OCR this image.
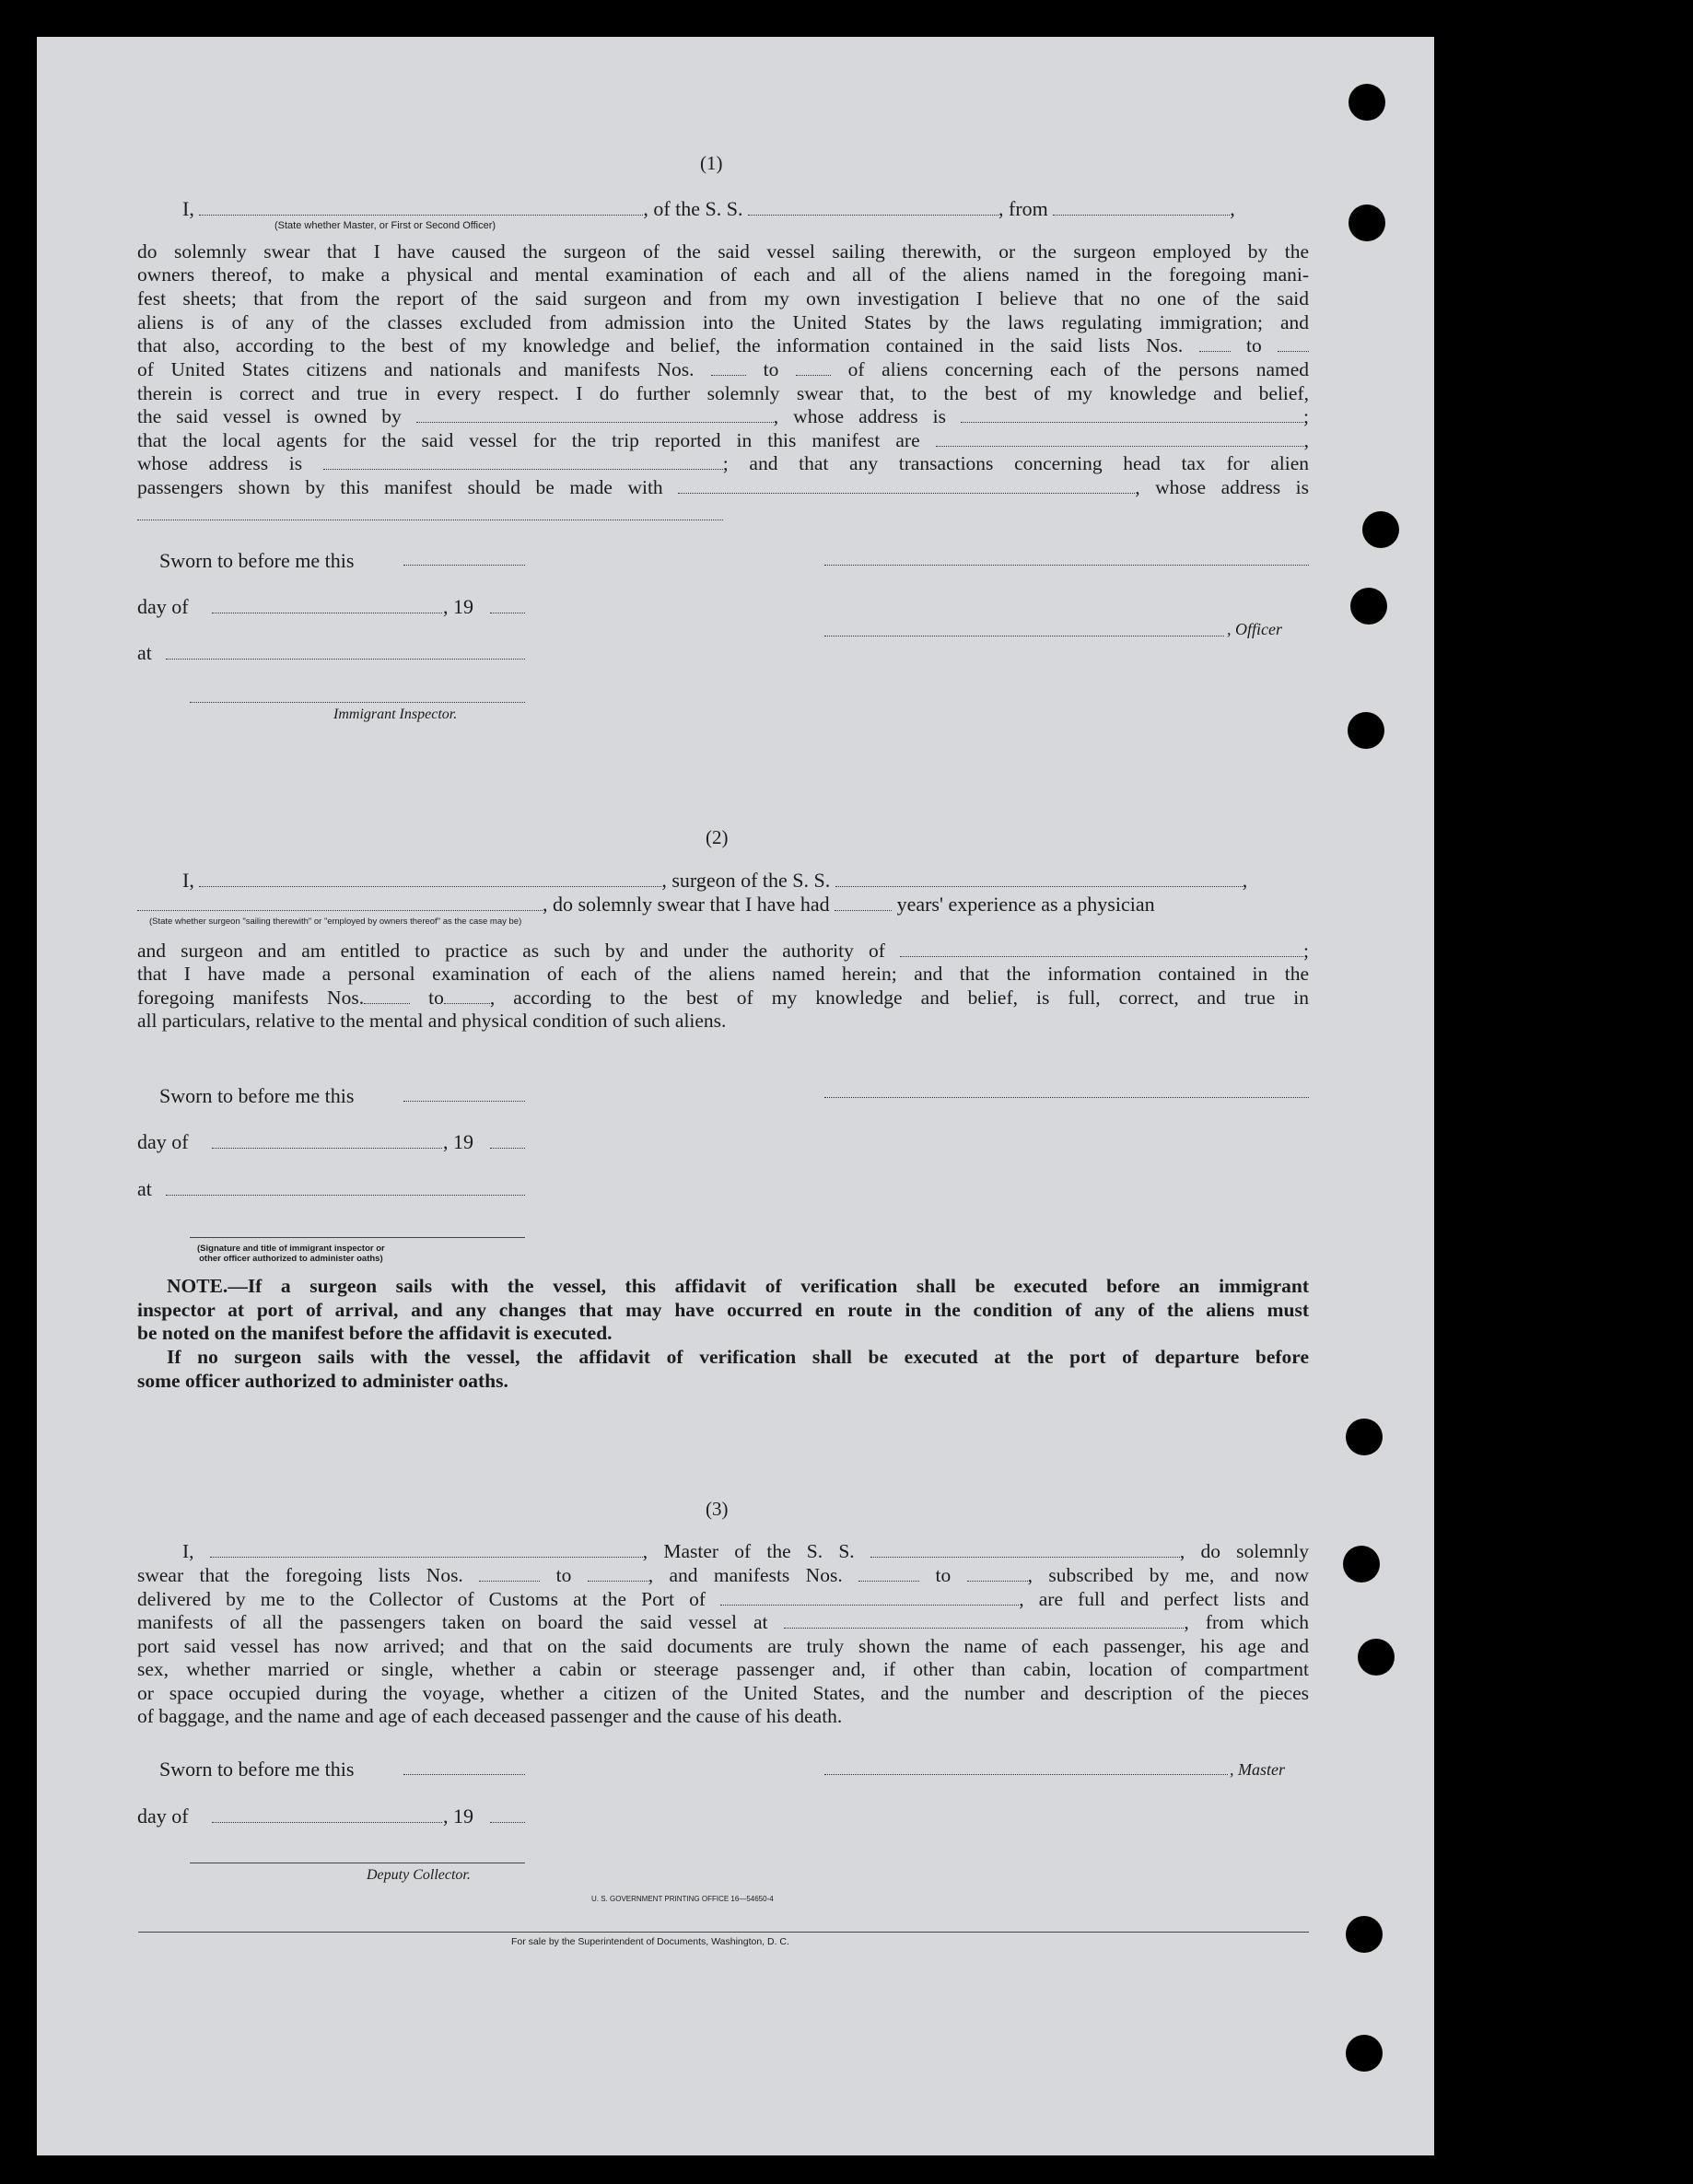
(1)
I,	, of the S. S.	, from	,
(State whether Master, or First or Second Officer)
do solemnly swear that I have caused the surgeon of the said vessel sailing therewith, or the surgeon employed by the
owners thereof, to make a physical and mental examination of each and all of the aliens named in the foregoing mani-
fest sheets; that from the report of the said surgeon and from my own investigation I believe that no one of the said
aliens is of any of the classes excluded from admission into the United States by the laws regulating immigration; and
that also, according to the best of my knowledge and belief, the information contained in the said lists Nos.	to
of United States citizens and nationals and manifests Nos.	to	of aliens concerning each of the persons named
therein is correct and true in every respect. I do further solemnly swear that, to the best of my knowledge and belief,
the said vessel is owned by	, whose address is	;
that the local agents for the said vessel for the trip reported in this manifest are	,
whose address is	; and that any transactions concerning head tax for alien
passengers shown by this manifest should be made with	, whose address is
Sworn to before me this
day of	, 19
, Officer
at
Immigrant Inspector.
(2)
I,	, surgeon of the S. S.	,
, do solemnly swear that I have had	years' experience as a physician
(State whether surgeon "sailing therewith" or "employed by owners thereof" as the case may be)
and surgeon and am entitled to practice as such by and under the authority of	;
that I have made a personal examination of each of the aliens named herein; and that the information contained in the
foregoing manifests Nos.	to , according to the best of my knowledge and belief, is full, correct, and true in
all particulars, relative to the mental and physical condition of such aliens.
Sworn to before me this
day of	, 19
at
(Signature and title of immigrant inspector or
other officer authorized to administer oaths)
NOTE.—If a surgeon sails with the vessel, this affidavit of verification shall be executed before an immigrant
inspector at port of arrival, and any changes that may have occurred en route in the condition of any of the aliens must
be noted on the manifest before the affidavit is executed.
If no surgeon sails with the vessel, the affidavit of verification shall be executed at the port of departure before
some officer authorized to administer oaths.
(3)
I,	, Master of the S. S.	, do solemnly
swear that the foregoing lists Nos.	to	, and manifests Nos.	to	, subscribed by me, and now
delivered by me to the Collector of Customs at the Port of	, are full and perfect lists and
manifests of all the passengers taken on board the said vessel at	, from which
port said vessel has now arrived; and that on the said documents are truly shown the name of each passenger, his age and
sex, whether married or single, whether a cabin or steerage passenger and, if other than cabin, location of compartment
or space occupied during the voyage, whether a citizen of the United States, and the number and description of the pieces
of baggage, and the name and age of each deceased passenger and the cause of his death.
Sworn to before me this	, Master
day of	, 19
Deputy Collector.
U. S. GOVERNMENT PRINTING OFFICE 16—54650-4
For sale by the Superintendent of Documents, Washington, D. C.
